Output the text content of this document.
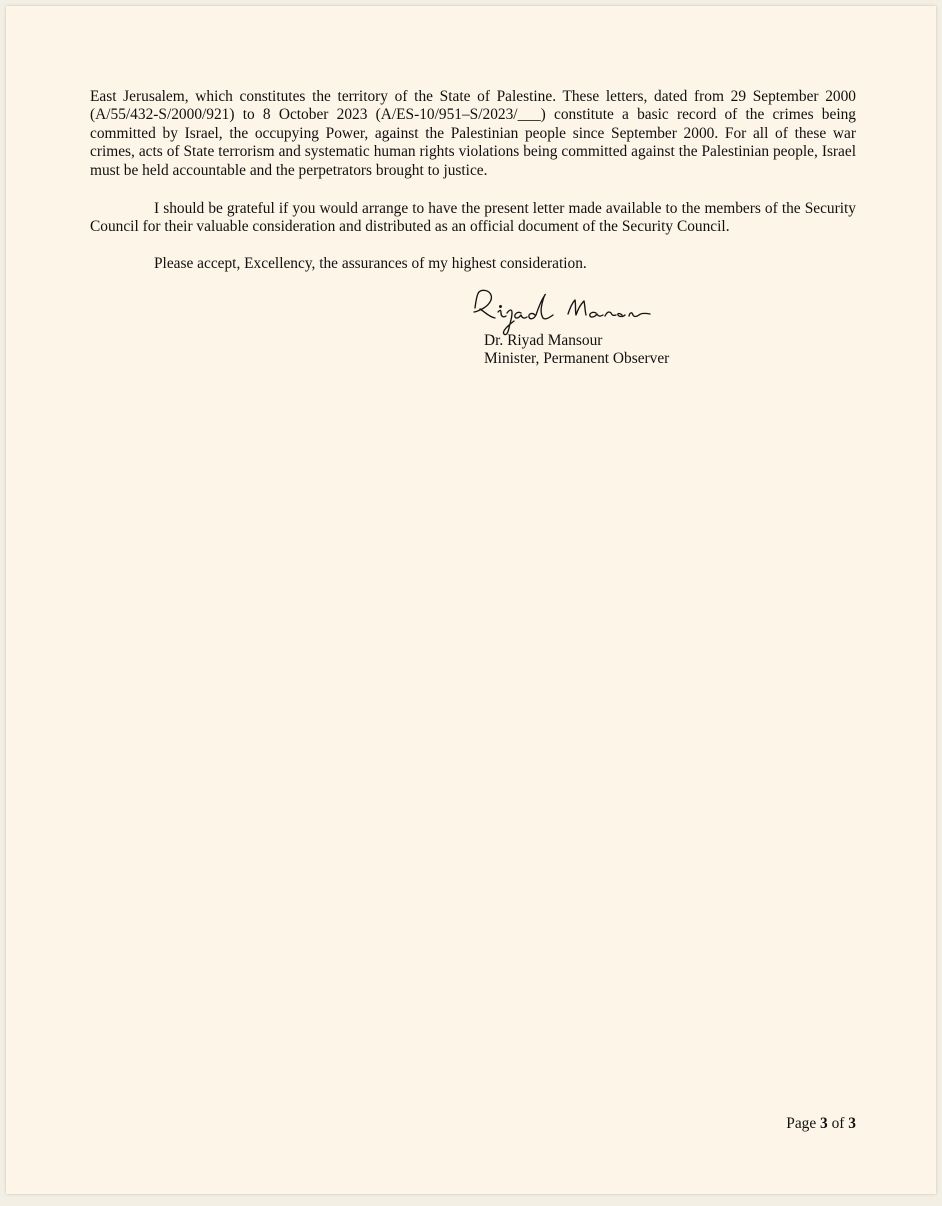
East Jerusalem, which constitutes the territory of the State of Palestine. These letters, dated from 29 September 2000 (A/55/432-S/2000/921) to 8 October 2023 (A/ES-10/951–S/2023/___) constitute a basic record of the crimes being committed by Israel, the occupying Power, against the Palestinian people since September 2000. For all of these war crimes, acts of State terrorism and systematic human rights violations being committed against the Palestinian people, Israel must be held accountable and the perpetrators brought to justice.

I should be grateful if you would arrange to have the present letter made available to the members of the Security Council for their valuable consideration and distributed as an official document of the Security Council.

Please accept, Excellency, the assurances of my highest consideration.

Dr. Riyad Mansour
Minister, Permanent Observer
Page 3 of 3
